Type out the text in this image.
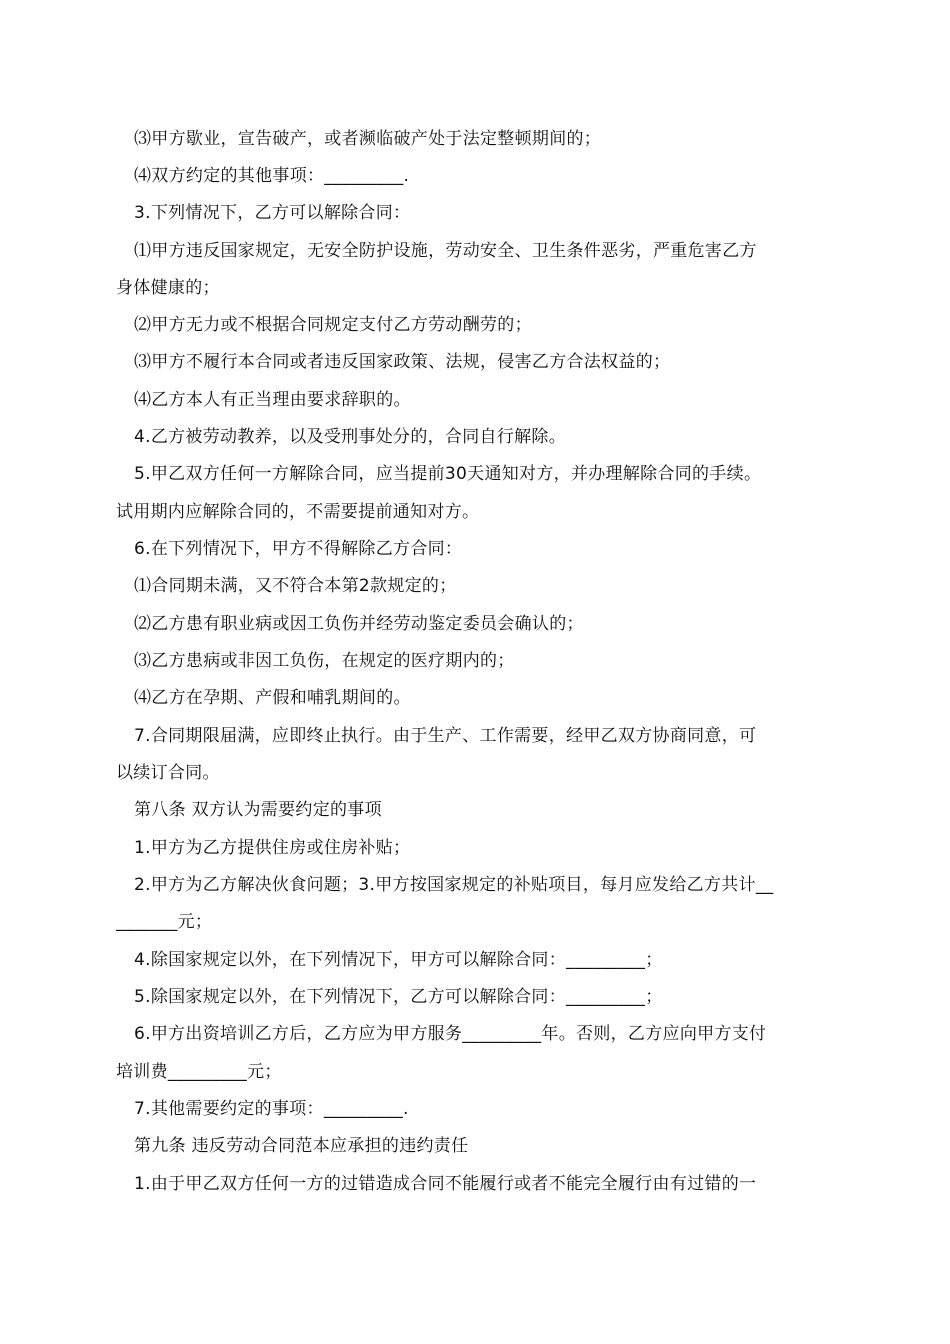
⑶甲方歇业，宣告破产，或者濒临破产处于法定整顿期间的；
⑷双方约定的其他事项：_________.
3.下列情况下，乙方可以解除合同：
⑴甲方违反国家规定，无安全防护设施，劳动安全、卫生条件恶劣，严重危害乙方
身体健康的；
⑵甲方无力或不根据合同规定支付乙方劳动酬劳的；
⑶甲方不履行本合同或者违反国家政策、法规，侵害乙方合法权益的；
⑷乙方本人有正当理由要求辞职的。
4.乙方被劳动教养，以及受刑事处分的，合同自行解除。
5.甲乙双方任何一方解除合同，应当提前30天通知对方，并办理解除合同的手续。
试用期内应解除合同的，不需要提前通知对方。
6.在下列情况下，甲方不得解除乙方合同：
⑴合同期未满，又不符合本第2款规定的；
⑵乙方患有职业病或因工负伤并经劳动鉴定委员会确认的；
⑶乙方患病或非因工负伤，在规定的医疗期内的；
⑷乙方在孕期、产假和哺乳期间的。
7.合同期限届满，应即终止执行。由于生产、工作需要，经甲乙双方协商同意，可
以续订合同。
第八条 双方认为需要约定的事项
1.甲方为乙方提供住房或住房补贴；
2.甲方为乙方解决伙食问题；3.甲方按国家规定的补贴项目，每月应发给乙方共计__
_______元；
4.除国家规定以外，在下列情况下，甲方可以解除合同：_________；
5.除国家规定以外，在下列情况下，乙方可以解除合同：_________；
6.甲方出资培训乙方后，乙方应为甲方服务_________年。否则，乙方应向甲方支付
培训费_________元；
7.其他需要约定的事项：_________.
第九条 违反劳动合同范本应承担的违约责任
1.由于甲乙双方任何一方的过错造成合同不能履行或者不能完全履行由有过错的一
